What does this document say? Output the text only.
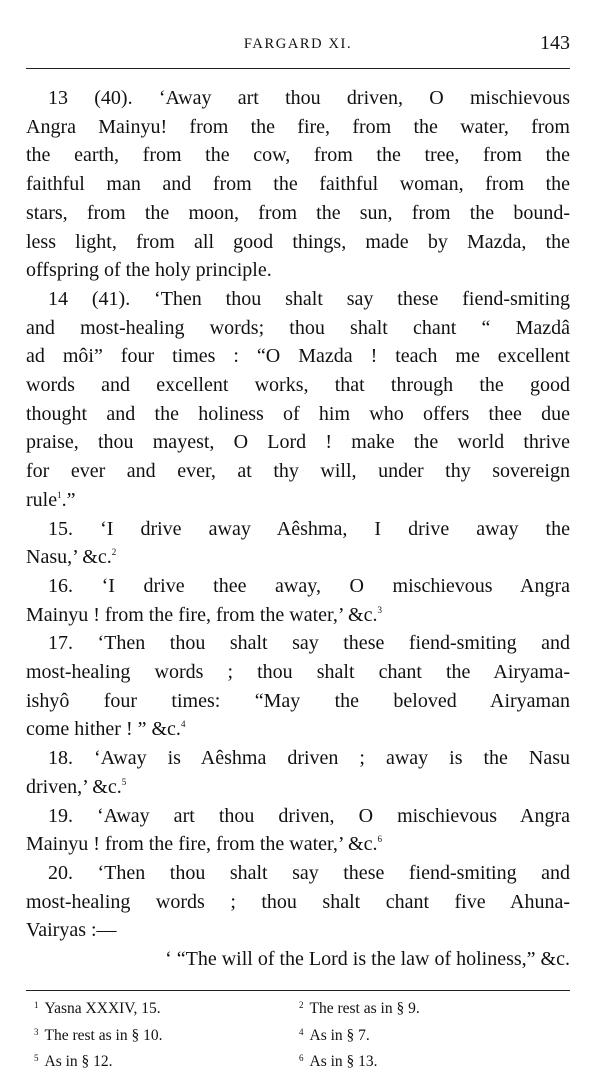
FARGARD XI.	143
13 (40). ‘Away art thou driven, O mischievous
Angra Mainyu! from the fire, from the water, from
the earth, from the cow, from the tree, from the
faithful man and from the faithful woman, from the
stars, from the moon, from the sun, from the bound-
less light, from all good things, made by Mazda, the
offspring of the holy principle.
14 (41). ‘Then thou shalt say these fiend-smiting
and most-healing words; thou shalt chant “ Mazdâ
ad môi” four times : “O Mazda ! teach me excellent
words and excellent works, that through the good
thought and the holiness of him who offers thee due
praise, thou mayest, O Lord ! make the world thrive
for ever and ever, at thy will, under thy sovereign
rule$^1$.”
15. ‘I drive away Aêshma, I drive away the
Nasu,’ &c.$^2$
16. ‘I drive thee away, O mischievous Angra
Mainyu ! from the fire, from the water,’ &c.$^3$
17. ‘Then thou shalt say these fiend-smiting and
most-healing words ; thou shalt chant the Airyama-
ishyô four times: “May the beloved Airyaman
come hither ! ” &c.$^4$
18. ‘Away is Aêshma driven ; away is the Nasu
driven,’ &c.$^5$
19. ‘Away art thou driven, O mischievous Angra
Mainyu ! from the fire, from the water,’ &c.$^6$
20. ‘Then thou shalt say these fiend-smiting and
most-healing words ; thou shalt chant five Ahuna-
Vairyas :—
‘ “The will of the Lord is the law of holiness,” &c.
$^1$ Yasna XXXIV, 15.	$^2$ The rest as in § 9.
$^3$ The rest as in § 10.	$^4$ As in § 7.
$^5$ As in § 12.	$^6$ As in § 13.
